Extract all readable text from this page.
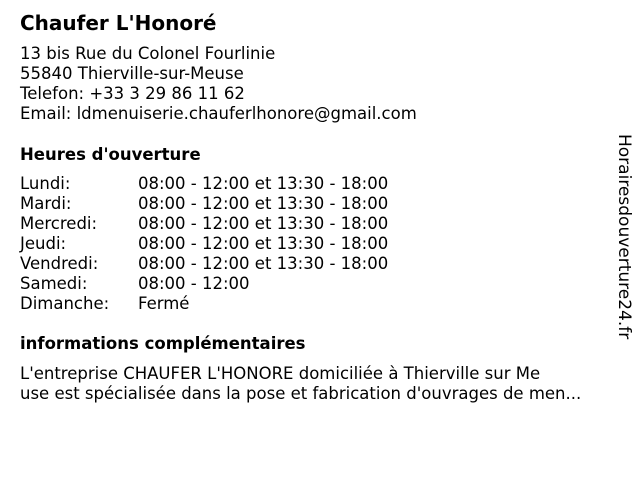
Chaufer L'Honoré
13 bis Rue du Colonel Fourlinie
55840 Thierville-sur-Meuse
Telefon: +33 3 29 86 11 62
Email: ldmenuiserie.chauferlhonore@gmail.com
Heures d'ouverture
Lundi:	08:00 - 12:00 et 13:30 - 18:00
Mardi:	08:00 - 12:00 et 13:30 - 18:00
Mercredi: 08:00 - 12:00 et 13:30 - 18:00
Jeudi:	08:00 - 12:00 et 13:30 - 18:00
Vendredi: 08:00 - 12:00 et 13:30 - 18:00
Samedi:	08:00 - 12:00
Dimanche: Fermé
informations complémentaires
L'entreprise CHAUFER L'HONORE domiciliée à Thierville sur Me
use est spécialisée dans la pose et fabrication d'ouvrages de men...
Horairesdouverture24.fr
